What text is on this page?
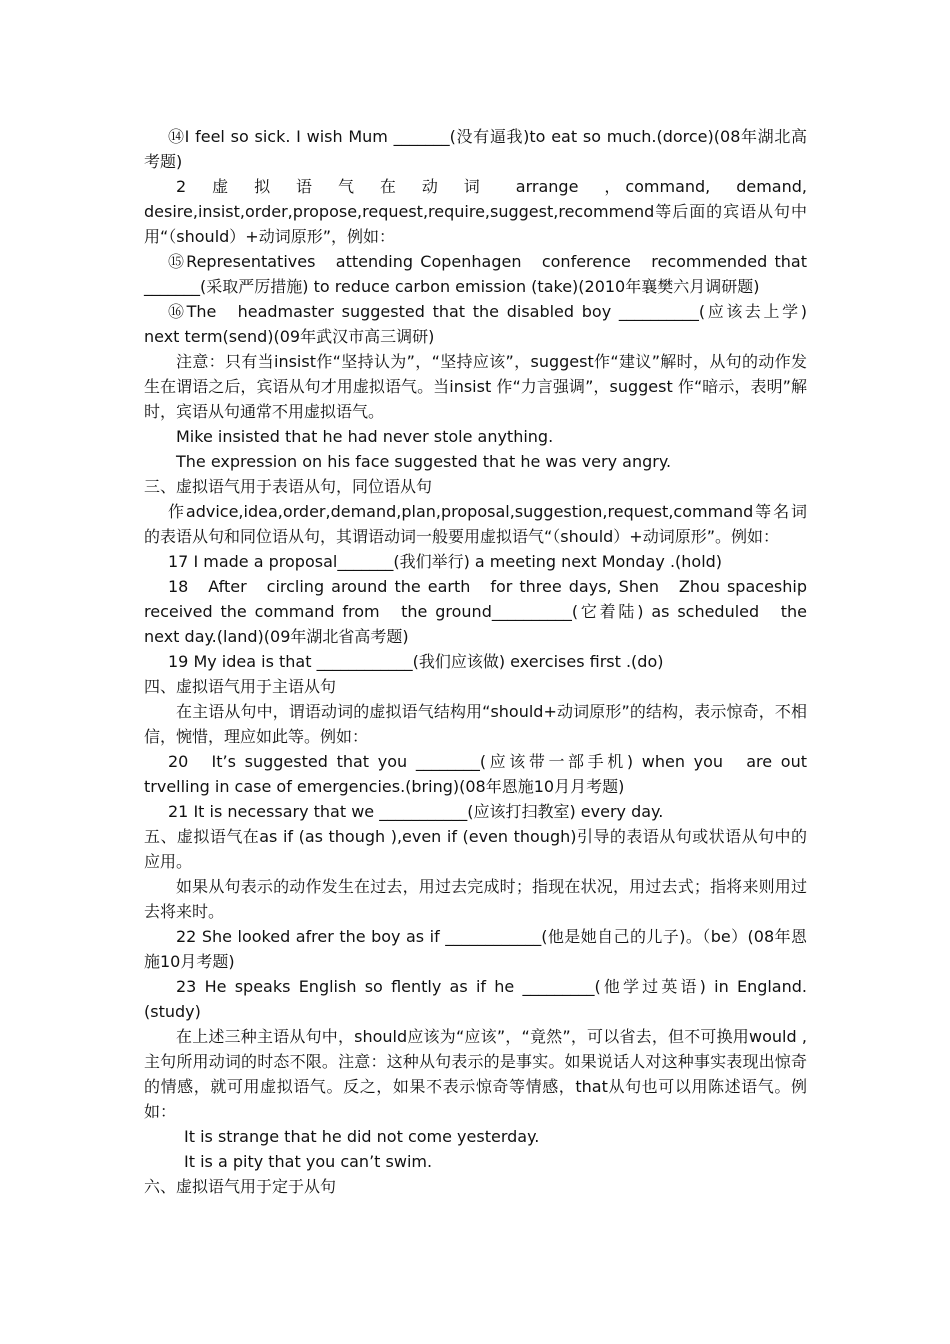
⑭I feel so sick. I wish Mum _______(没有逼我)to eat so much.(dorce)(08年湖北高考题)

2　虚　拟　语　气　在　动　词　 arrange　，command,　demand, desire,insist,order,propose,request,require,suggest,recommend等后面的宾语从句中用“（should）+动词原形”，例如：

⑮Representatives　attending Copenhagen　conference　recommended that _______(采取严厉措施) to reduce carbon emission (take)(2010年襄樊六月调研题)

⑯The　headmaster suggested that the disabled boy __________(应该去上学) next term(send)(09年武汉市高三调研)

注意：只有当insist作“坚持认为”，“坚持应该”，suggest作“建议”解时，从句的动作发生在谓语之后，宾语从句才用虚拟语气。当insist 作“力言强调”，suggest 作“暗示，表明”解时，宾语从句通常不用虚拟语气。

Mike insisted that he had never stole anything.

The expression on his face suggested that he was very angry.

三、虚拟语气用于表语从句，同位语从句

作advice,idea,order,demand,plan,proposal,suggestion,request,command等名词的表语从句和同位语从句，其谓语动词一般要用虚拟语气“（should）+动词原形”。例如：

17 I made a proposal_______(我们举行) a meeting next Monday .(hold)

18　After　circling around the earth　for three days, Shen　Zhou spaceship received the command from　the ground__________(它着陆) as scheduled　the next day.(land)(09年湖北省高考题)

19 My idea is that ____________(我们应该做) exercises first .(do)

四、虚拟语气用于主语从句

在主语从句中，谓语动词的虚拟语气结构用“should+动词原形”的结构，表示惊奇，不相信，惋惜，理应如此等。例如：

20　It’s suggested that you ________(应该带一部手机) when you　are out trvelling in case of emergencies.(bring)(08年恩施10月月考题)

21 It is necessary that we ___________(应该打扫教室) every day.

五、虚拟语气在as if (as though ),even if (even though)引导的表语从句或状语从句中的应用。

如果从句表示的动作发生在过去，用过去完成时；指现在状况，用过去式；指将来则用过去将来时。

22 She looked afrer the boy as if ____________(他是她自己的儿子)。（be）(08年恩施10月考题)

23 He speaks English so flently as if he _________(他学过英语) in England.(study)

在上述三种主语从句中，should应该为“应该”，“竟然”，可以省去，但不可换用would ,主句所用动词的时态不限。注意：这种从句表示的是事实。如果说话人对这种事实表现出惊奇的情感，就可用虚拟语气。反之，如果不表示惊奇等情感，that从句也可以用陈述语气。例如：

It is strange that he did not come yesterday.

It is a pity that you can’t swim.

六、虚拟语气用于定于从句
